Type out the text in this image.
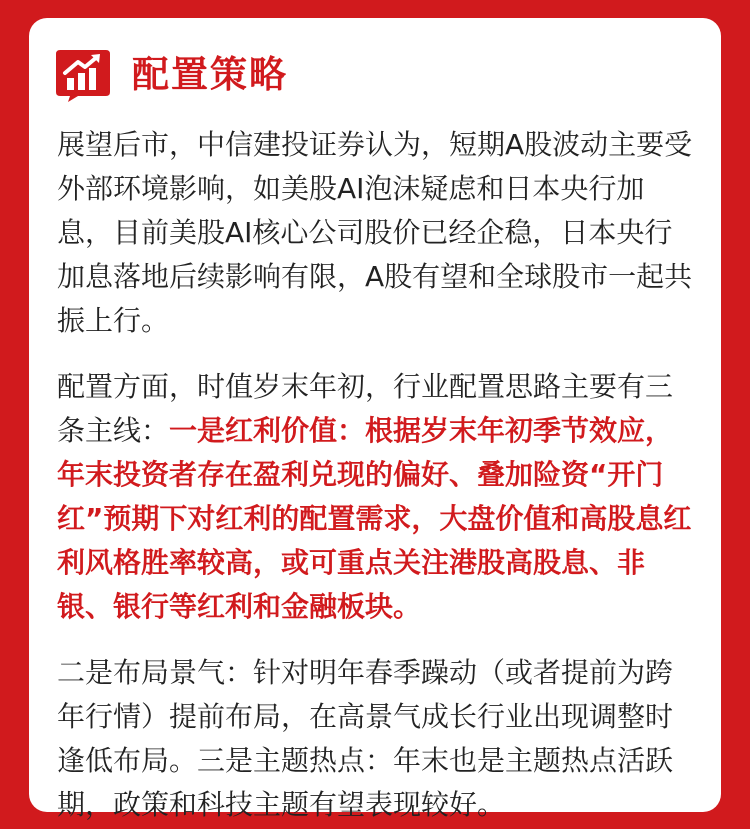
配置策略

展望后市，中信建投证券认为，短期A股波动主要受外部环境影响，如美股AI泡沫疑虑和日本央行加息，目前美股AI核心公司股价已经企稳，日本央行加息落地后续影响有限，A股有望和全球股市一起共振上行。

配置方面，时值岁末年初，行业配置思路主要有三条主线：一是红利价值：根据岁末年初季节效应，年末投资者存在盈利兑现的偏好、叠加险资“开门红”预期下对红利的配置需求，大盘价值和高股息红利风格胜率较高，或可重点关注港股高股息、非银、银行等红利和金融板块。

二是布局景气：针对明年春季躁动（或者提前为跨年行情）提前布局，在高景气成长行业出现调整时逢低布局。三是主题热点：年末也是主题热点活跃期，政策和科技主题有望表现较好。
